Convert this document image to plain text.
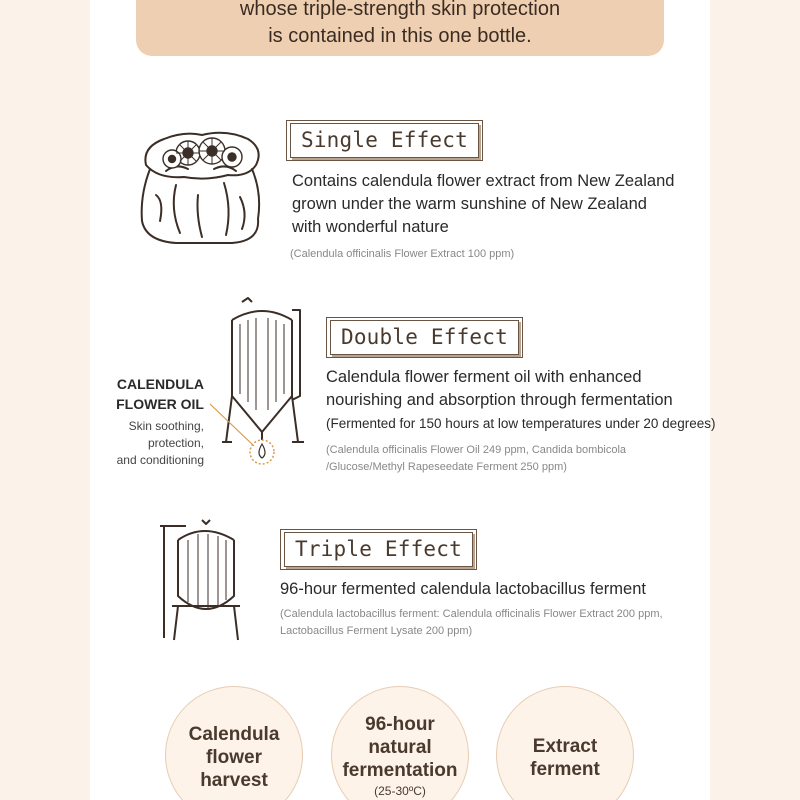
whose triple-strength skin protection
is contained in this one bottle.
Single Effect
Contains calendula flower extract from New Zealand
grown under the warm sunshine of New Zealand
with wonderful nature
(Calendula officinalis Flower Extract 100 ppm)
CALENDULA
FLOWER OIL
Skin soothing,
protection,
and conditioning
Double Effect
Calendula flower ferment oil with enhanced
nourishing and absorption through fermentation
(Fermented for 150 hours at low temperatures under 20 degrees)
(Calendula officinalis Flower Oil 249 ppm, Candida bombicola
/Glucose/Methyl Rapeseedate Ferment 250 ppm)
Triple Effect
96-hour fermented calendula lactobacillus ferment
(Calendula lactobacillus ferment: Calendula officinalis Flower Extract 200 ppm,
Lactobacillus Ferment Lysate 200 ppm)
Calendula
flower
harvest
96-hour
natural
fermentation
(25-30ºC)
Extract
ferment
